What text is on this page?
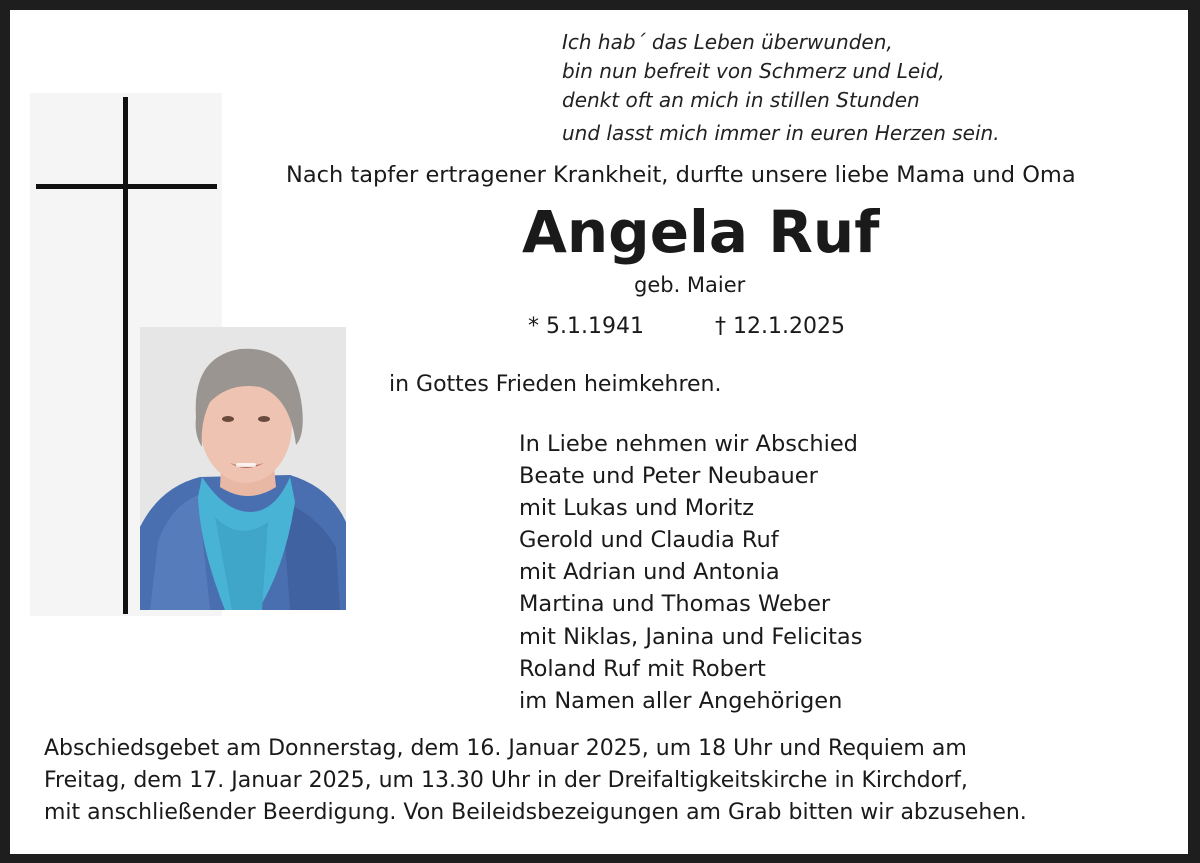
Ich hab´ das Leben überwunden,
bin nun befreit von Schmerz und Leid,
denkt oft an mich in stillen Stunden
und lasst mich immer in euren Herzen sein.

Nach tapfer ertragener Krankheit, durfte unsere liebe Mama und Oma

Angela Ruf

geb. Maier

* 5.1.1941	† 12.1.2025

in Gottes Frieden heimkehren.

In Liebe nehmen wir Abschied
Beate und Peter Neubauer
mit Lukas und Moritz
Gerold und Claudia Ruf
mit Adrian und Antonia
Martina und Thomas Weber
mit Niklas, Janina und Felicitas
Roland Ruf mit Robert
im Namen aller Angehörigen
Abschiedsgebet am Donnerstag, dem 16. Januar 2025, um 18 Uhr und Requiem am
Freitag, dem 17. Januar 2025, um 13.30 Uhr in der Dreifaltigkeitskirche in Kirchdorf,
mit anschließender Beerdigung. Von Beileidsbezeigungen am Grab bitten wir abzusehen.
